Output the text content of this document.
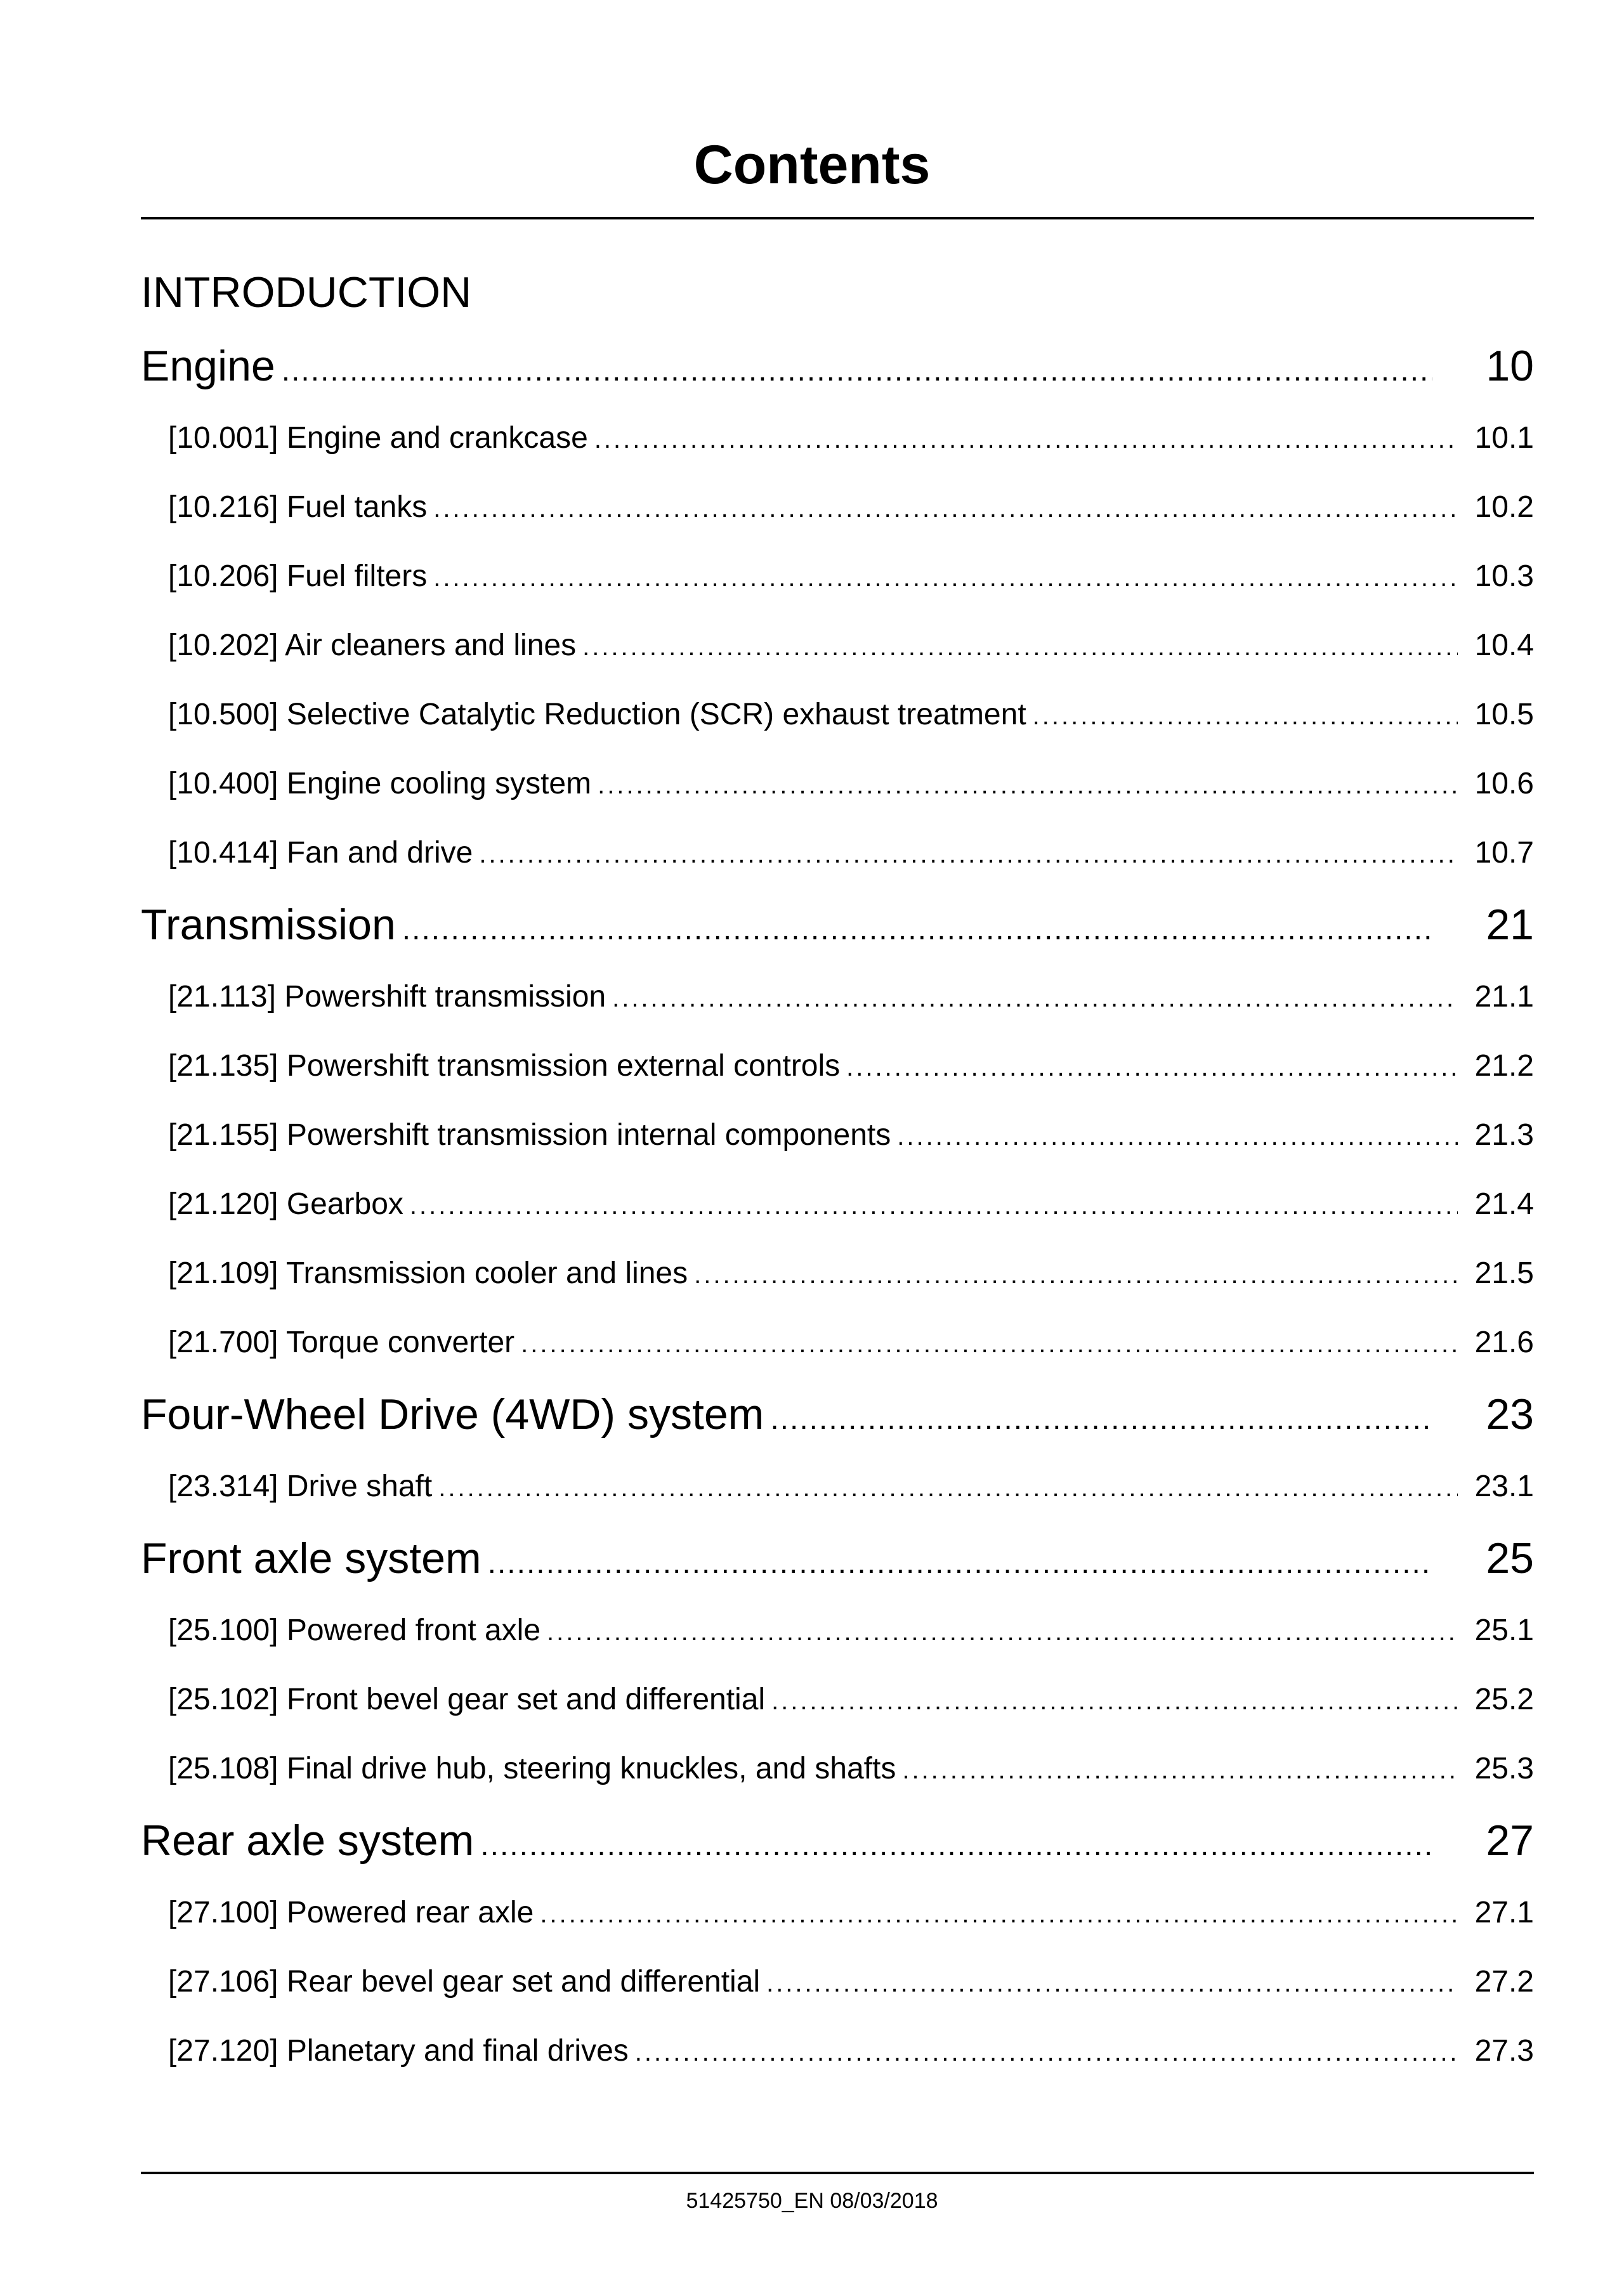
Contents
INTRODUCTION
Engine .....	10
[10.001] Engine and crankcase .....	10.1
[10.216] Fuel tanks .....	10.2
[10.206] Fuel filters .....	10.3
[10.202] Air cleaners and lines .....	10.4
[10.500] Selective Catalytic Reduction (SCR) exhaust treatment .....	10.5
[10.400] Engine cooling system .....	10.6
[10.414] Fan and drive .....	10.7
Transmission .....	21
[21.113] Powershift transmission .....	21.1
[21.135] Powershift transmission external controls .....	21.2
[21.155] Powershift transmission internal components .....	21.3
[21.120] Gearbox .....	21.4
[21.109] Transmission cooler and lines .....	21.5
[21.700] Torque converter .....	21.6
Four-Wheel Drive (4WD) system .....	23
[23.314] Drive shaft .....	23.1
Front axle system .....	25
[25.100] Powered front axle .....	25.1
[25.102] Front bevel gear set and differential .....	25.2
[25.108] Final drive hub, steering knuckles, and shafts .....	25.3
Rear axle system .....	27
[27.100] Powered rear axle .....	27.1
[27.106] Rear bevel gear set and differential .....	27.2
[27.120] Planetary and final drives .....	27.3
51425750_EN 08/03/2018
